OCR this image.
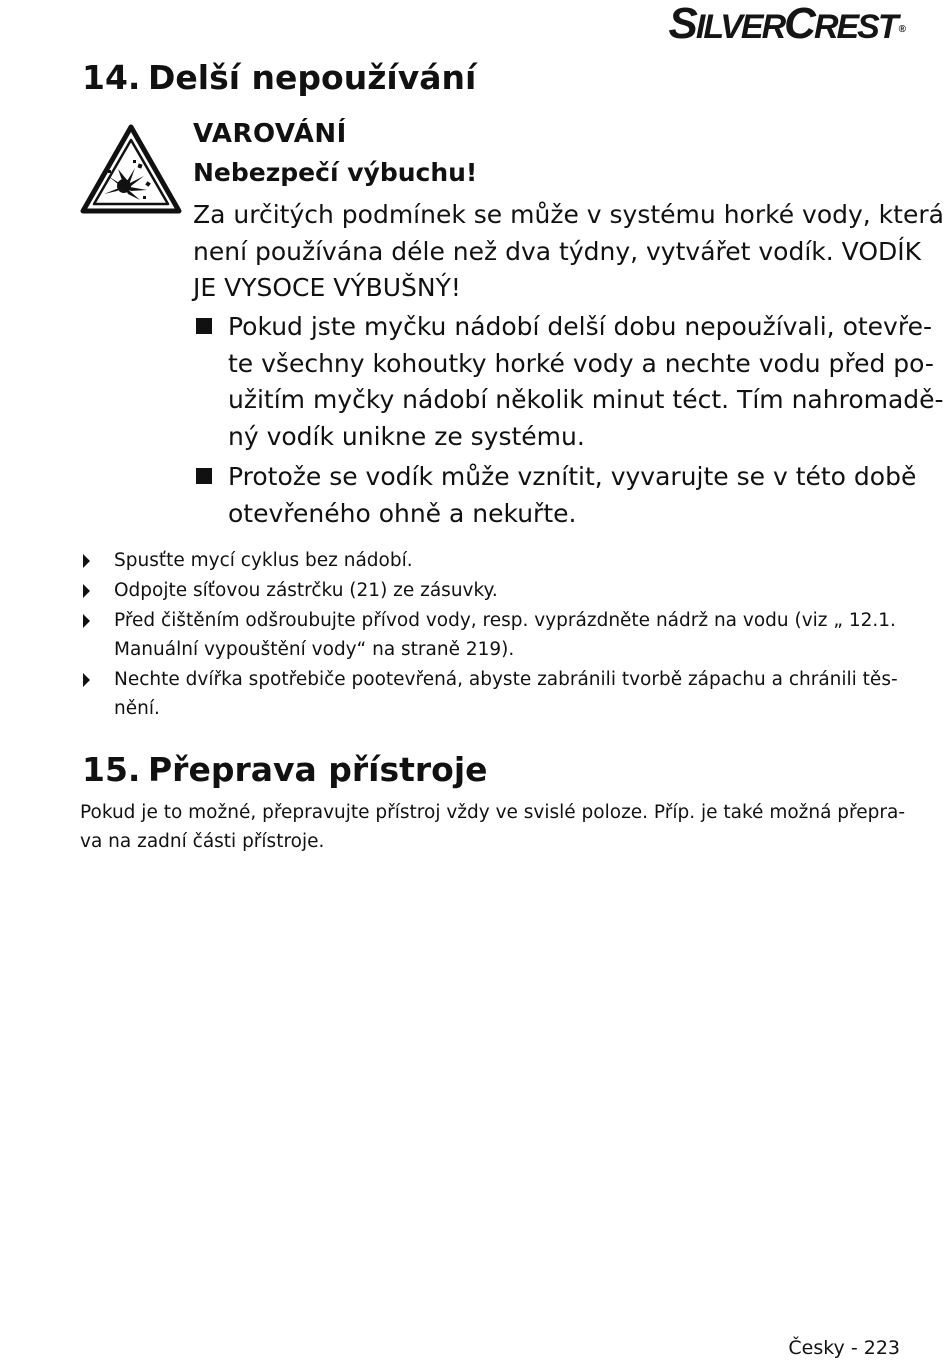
SILVERCREST ®
14. Delší nepoužívání
VAROVÁNÍ
Nebezpečí výbuchu!
Za určitých podmínek se může v systému horké vody, která
není používána déle než dva týdny, vytvářet vodík. VODÍK
JE VYSOCE VÝBUŠNÝ!
Pokud jste myčku nádobí delší dobu nepoužívali, otevře-
te všechny kohoutky horké vody a nechte vodu před po-
užitím myčky nádobí několik minut téct. Tím nahromadě-
ný vodík unikne ze systému.
Protože se vodík může vznítit, vyvarujte se v této době
otevřeného ohně a nekuřte.
Spusťte mycí cyklus bez nádobí.
Odpojte síťovou zástrčku (21) ze zásuvky.
Před čištěním odšroubujte přívod vody, resp. vyprázdněte nádrž na vodu (viz „ 12.1.
Manuální vypouštění vody“ na straně 219).
Nechte dvířka spotřebiče pootevřená, abyste zabránili tvorbě zápachu a chránili těs-
nění.
15. Přeprava přístroje
Pokud je to možné, přepravujte přístroj vždy ve svislé poloze. Příp. je také možná přepra-
va na zadní části přístroje.
Česky - 223
